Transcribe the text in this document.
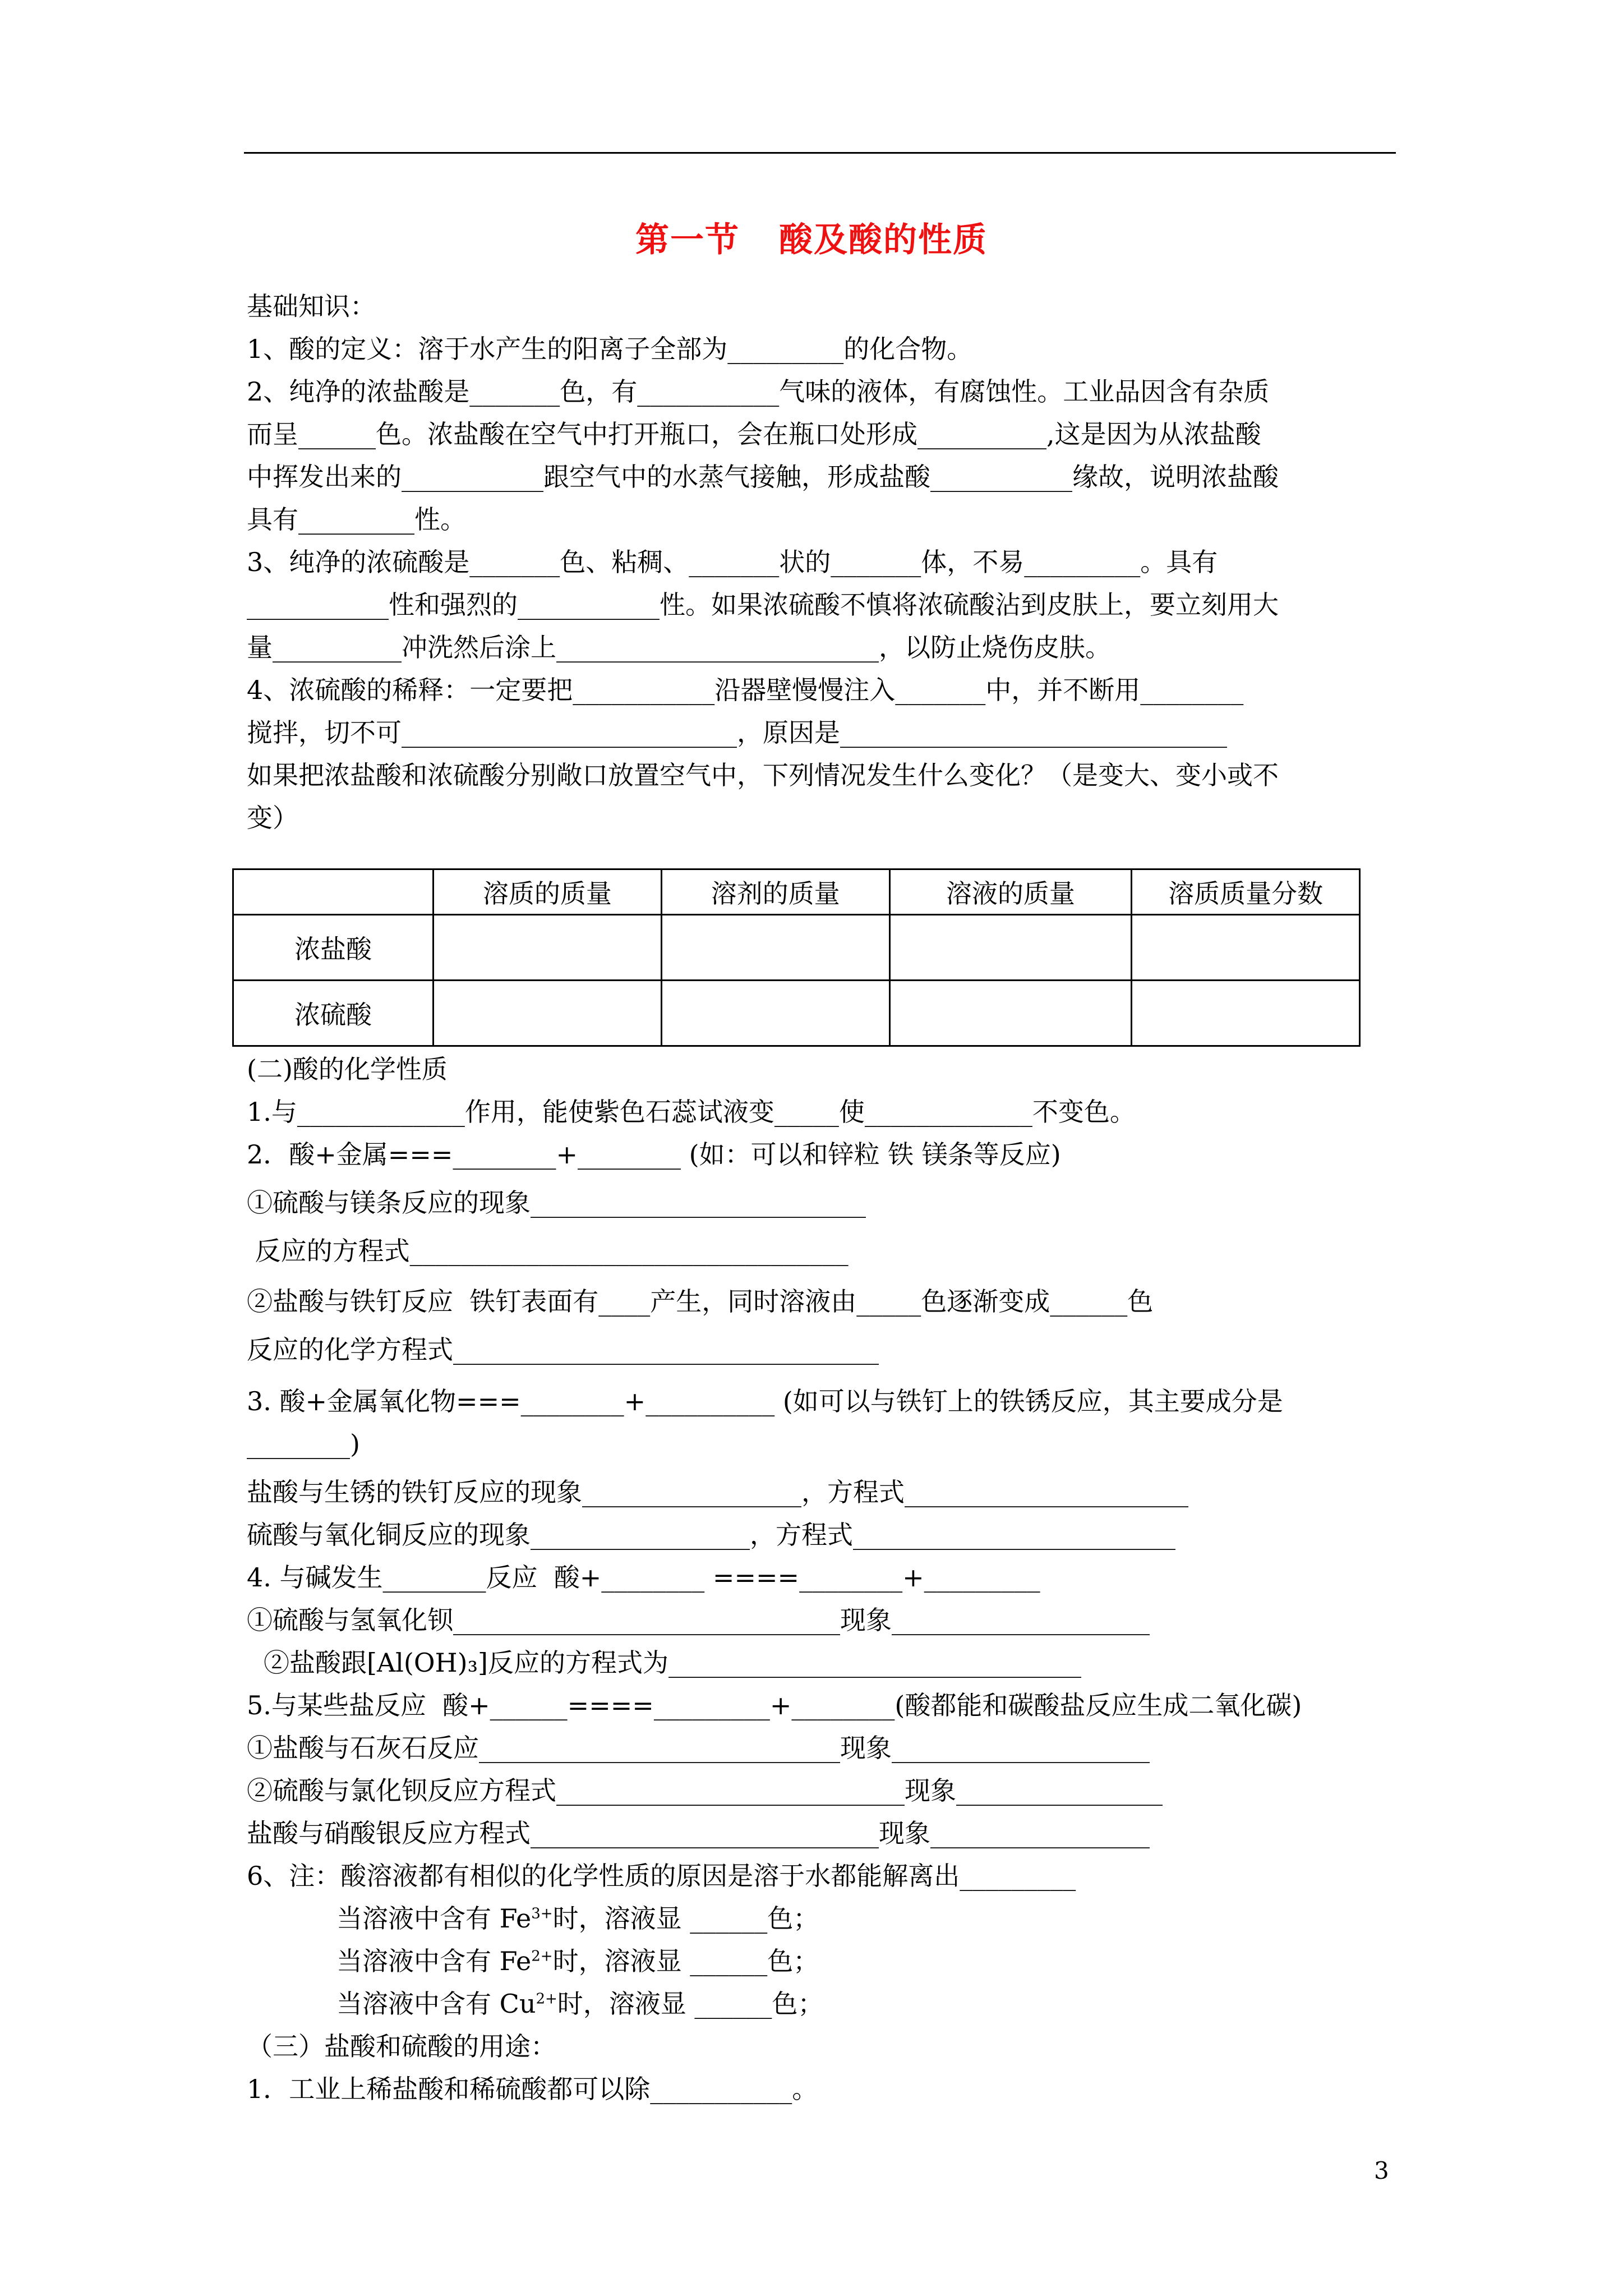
第一节 酸及酸的性质
基础知识：
1、酸的定义：溶于水产生的阳离子全部为_________的化合物。
2、纯净的浓盐酸是_______色，有___________气味的液体，有腐蚀性。工业品因含有杂质
而呈______色。浓盐酸在空气中打开瓶口，会在瓶口处形成__________,这是因为从浓盐酸
中挥发出来的___________跟空气中的水蒸气接触，形成盐酸___________缘故，说明浓盐酸
具有_________性。
3、纯净的浓硫酸是_______色、粘稠、_______状的_______体，不易_________。具有
___________性和强烈的___________性。如果浓硫酸不慎将浓硫酸沾到皮肤上，要立刻用大
量__________冲洗然后涂上_________________________，以防止烧伤皮肤。
4、浓硫酸的稀释：一定要把___________沿器壁慢慢注入_______中，并不断用________
搅拌，切不可__________________________，原因是______________________________
如果把浓盐酸和浓硫酸分别敞口放置空气中，下列情况发生什么变化？（是变大、变小或不
变）
	溶质的质量	溶剂的质量	溶液的质量	溶质质量分数
浓盐酸				
浓硫酸				
(二)酸的化学性质
1.与_____________作用，能使紫色石蕊试液变_____使_____________不变色。
2．酸+金属===________+________ (如：可以和锌粒 铁 镁条等反应)
①硫酸与镁条反应的现象__________________________
反应的方程式__________________________________
②盐酸与铁钉反应  铁钉表面有____产生，同时溶液由_____色逐渐变成______色
反应的化学方程式_________________________________
3. 酸+金属氧化物===________+__________ (如可以与铁钉上的铁锈反应，其主要成分是
________)
盐酸与生锈的铁钉反应的现象_________________，方程式______________________
硫酸与氧化铜反应的现象_________________，方程式_________________________
4. 与碱发生________反应  酸+________ ====________+_________
①硫酸与氢氧化钡______________________________现象____________________
②盐酸跟[Al(OH)₃]反应的方程式为________________________________
5.与某些盐反应  酸+______====_________+________(酸都能和碳酸盐反应生成二氧化碳)
①盐酸与石灰石反应____________________________现象____________________
②硫酸与氯化钡反应方程式___________________________现象________________
盐酸与硝酸银反应方程式___________________________现象_________________
6、注：酸溶液都有相似的化学性质的原因是溶于水都能解离出_________
当溶液中含有 $Fe^{3+}$时，溶液显 ______色；
当溶液中含有 $Fe^{2+}$时，溶液显 ______色；
当溶液中含有 $Cu^{2+}$时，溶液显 ______色；
（三）盐酸和硫酸的用途：
1．工业上稀盐酸和稀硫酸都可以除___________。
3
